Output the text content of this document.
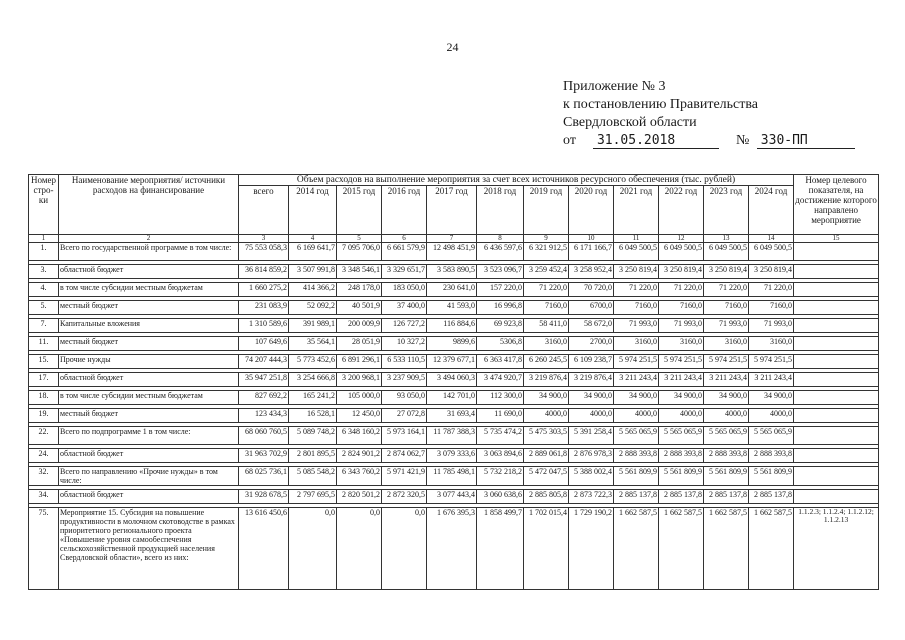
24
Приложение № 3
к постановлению Правительства
Свердловской области
от 31.05.2018	№ 330-ПП
Номер стро-ки	Наименование мероприятия/ источники расходов на финансирование	Объем расходов на выполнение мероприятия за счет всех источников ресурсного обеспечения (тыс. рублей)												Номер целевого показателя, на достижение которого направлено мероприятие
		всего	2014 год	2015 год	2016 год	2017 год	2018 год	2019 год	2020 год	2021 год	2022 год	2023 год	2024 год	
1	2	3	4	5	6	7	8	9	10	11	12	13	14	15
1.	Всего по государственной программе в том числе:	75 553 058,3	6 169 641,7	7 095 706,0	6 661 579,9	12 498 451,9	6 436 597,6	6 321 912,5	6 171 166,7	6 049 500,5	6 049 500,5	6 049 500,5	6 049 500,5	

3.	областной бюджет	36 814 859,2	3 507 991,8	3 348 546,1	3 329 651,7	3 583 890,5	3 523 096,7	3 259 452,4	3 258 952,4	3 250 819,4	3 250 819,4	3 250 819,4	3 250 819,4	

4.	в том числе субсидии местным бюджетам	1 660 275,2	414 366,2	248 178,0	183 050,0	230 641,0	157 220,0	71 220,0	70 720,0	71 220,0	71 220,0	71 220,0	71 220,0	

5.	местный бюджет	231 083,9	52 092,2	40 501,9	37 400,0	41 593,0	16 996,8	7160,0	6700,0	7160,0	7160,0	7160,0	7160,0	

7.	Капитальные вложения	1 310 589,6	391 989,1	200 009,9	126 727,2	116 884,6	69 923,8	58 411,0	58 672,0	71 993,0	71 993,0	71 993,0	71 993,0	

11.	местный бюджет	107 649,6	35 564,1	28 051,9	10 327,2	9899,6	5306,8	3160,0	2700,0	3160,0	3160,0	3160,0	3160,0	

15.	Прочие нужды	74 207 444,3	5 773 452,6	6 891 296,1	6 533 110,5	12 379 677,1	6 363 417,8	6 260 245,5	6 109 238,7	5 974 251,5	5 974 251,5	5 974 251,5	5 974 251,5	

17.	областной бюджет	35 947 251,8	3 254 666,8	3 200 968,1	3 237 909,5	3 494 060,3	3 474 920,7	3 219 876,4	3 219 876,4	3 211 243,4	3 211 243,4	3 211 243,4	3 211 243,4	

18.	в том числе субсидии местным бюджетам	827 692,2	165 241,2	105 000,0	93 050,0	142 701,0	112 300,0	34 900,0	34 900,0	34 900,0	34 900,0	34 900,0	34 900,0	

19.	местный бюджет	123 434,3	16 528,1	12 450,0	27 072,8	31 693,4	11 690,0	4000,0	4000,0	4000,0	4000,0	4000,0	4000,0	

22.	Всего по подпрограмме 1 в том числе:	68 060 760,5	5 089 748,2	6 348 160,2	5 973 164,1	11 787 388,3	5 735 474,2	5 475 303,5	5 391 258,4	5 565 065,9	5 565 065,9	5 565 065,9	5 565 065,9	

24.	областной бюджет	31 963 702,9	2 801 895,5	2 824 901,2	2 874 062,7	3 079 333,6	3 063 894,6	2 889 061,8	2 876 978,3	2 888 393,8	2 888 393,8	2 888 393,8	2 888 393,8	

32.	Всего по направлению «Прочие нужды» в том числе:	68 025 736,1	5 085 548,2	6 343 760,2	5 971 421,9	11 785 498,1	5 732 218,2	5 472 047,5	5 388 002,4	5 561 809,9	5 561 809,9	5 561 809,9	5 561 809,9	

34.	областной бюджет	31 928 678,5	2 797 695,5	2 820 501,2	2 872 320,5	3 077 443,4	3 060 638,6	2 885 805,8	2 873 722,3	2 885 137,8	2 885 137,8	2 885 137,8	2 885 137,8	

75.	Мероприятие 15. Субсидия на повышение продуктивности в молочном скотоводстве в рамках приоритетного регионального проекта «Повышение уровня самообеспечения сельскохозяйственной продукцией населения Свердловской области», всего из них:	13 616 450,6	0,0	0,0	0,0	1 676 395,3	1 858 499,7	1 702 015,4	1 729 190,2	1 662 587,5	1 662 587,5	1 662 587,5	1 662 587,5	1.1.2.3; 1.1.2.4; 1.1.2.12; 1.1.2.13
